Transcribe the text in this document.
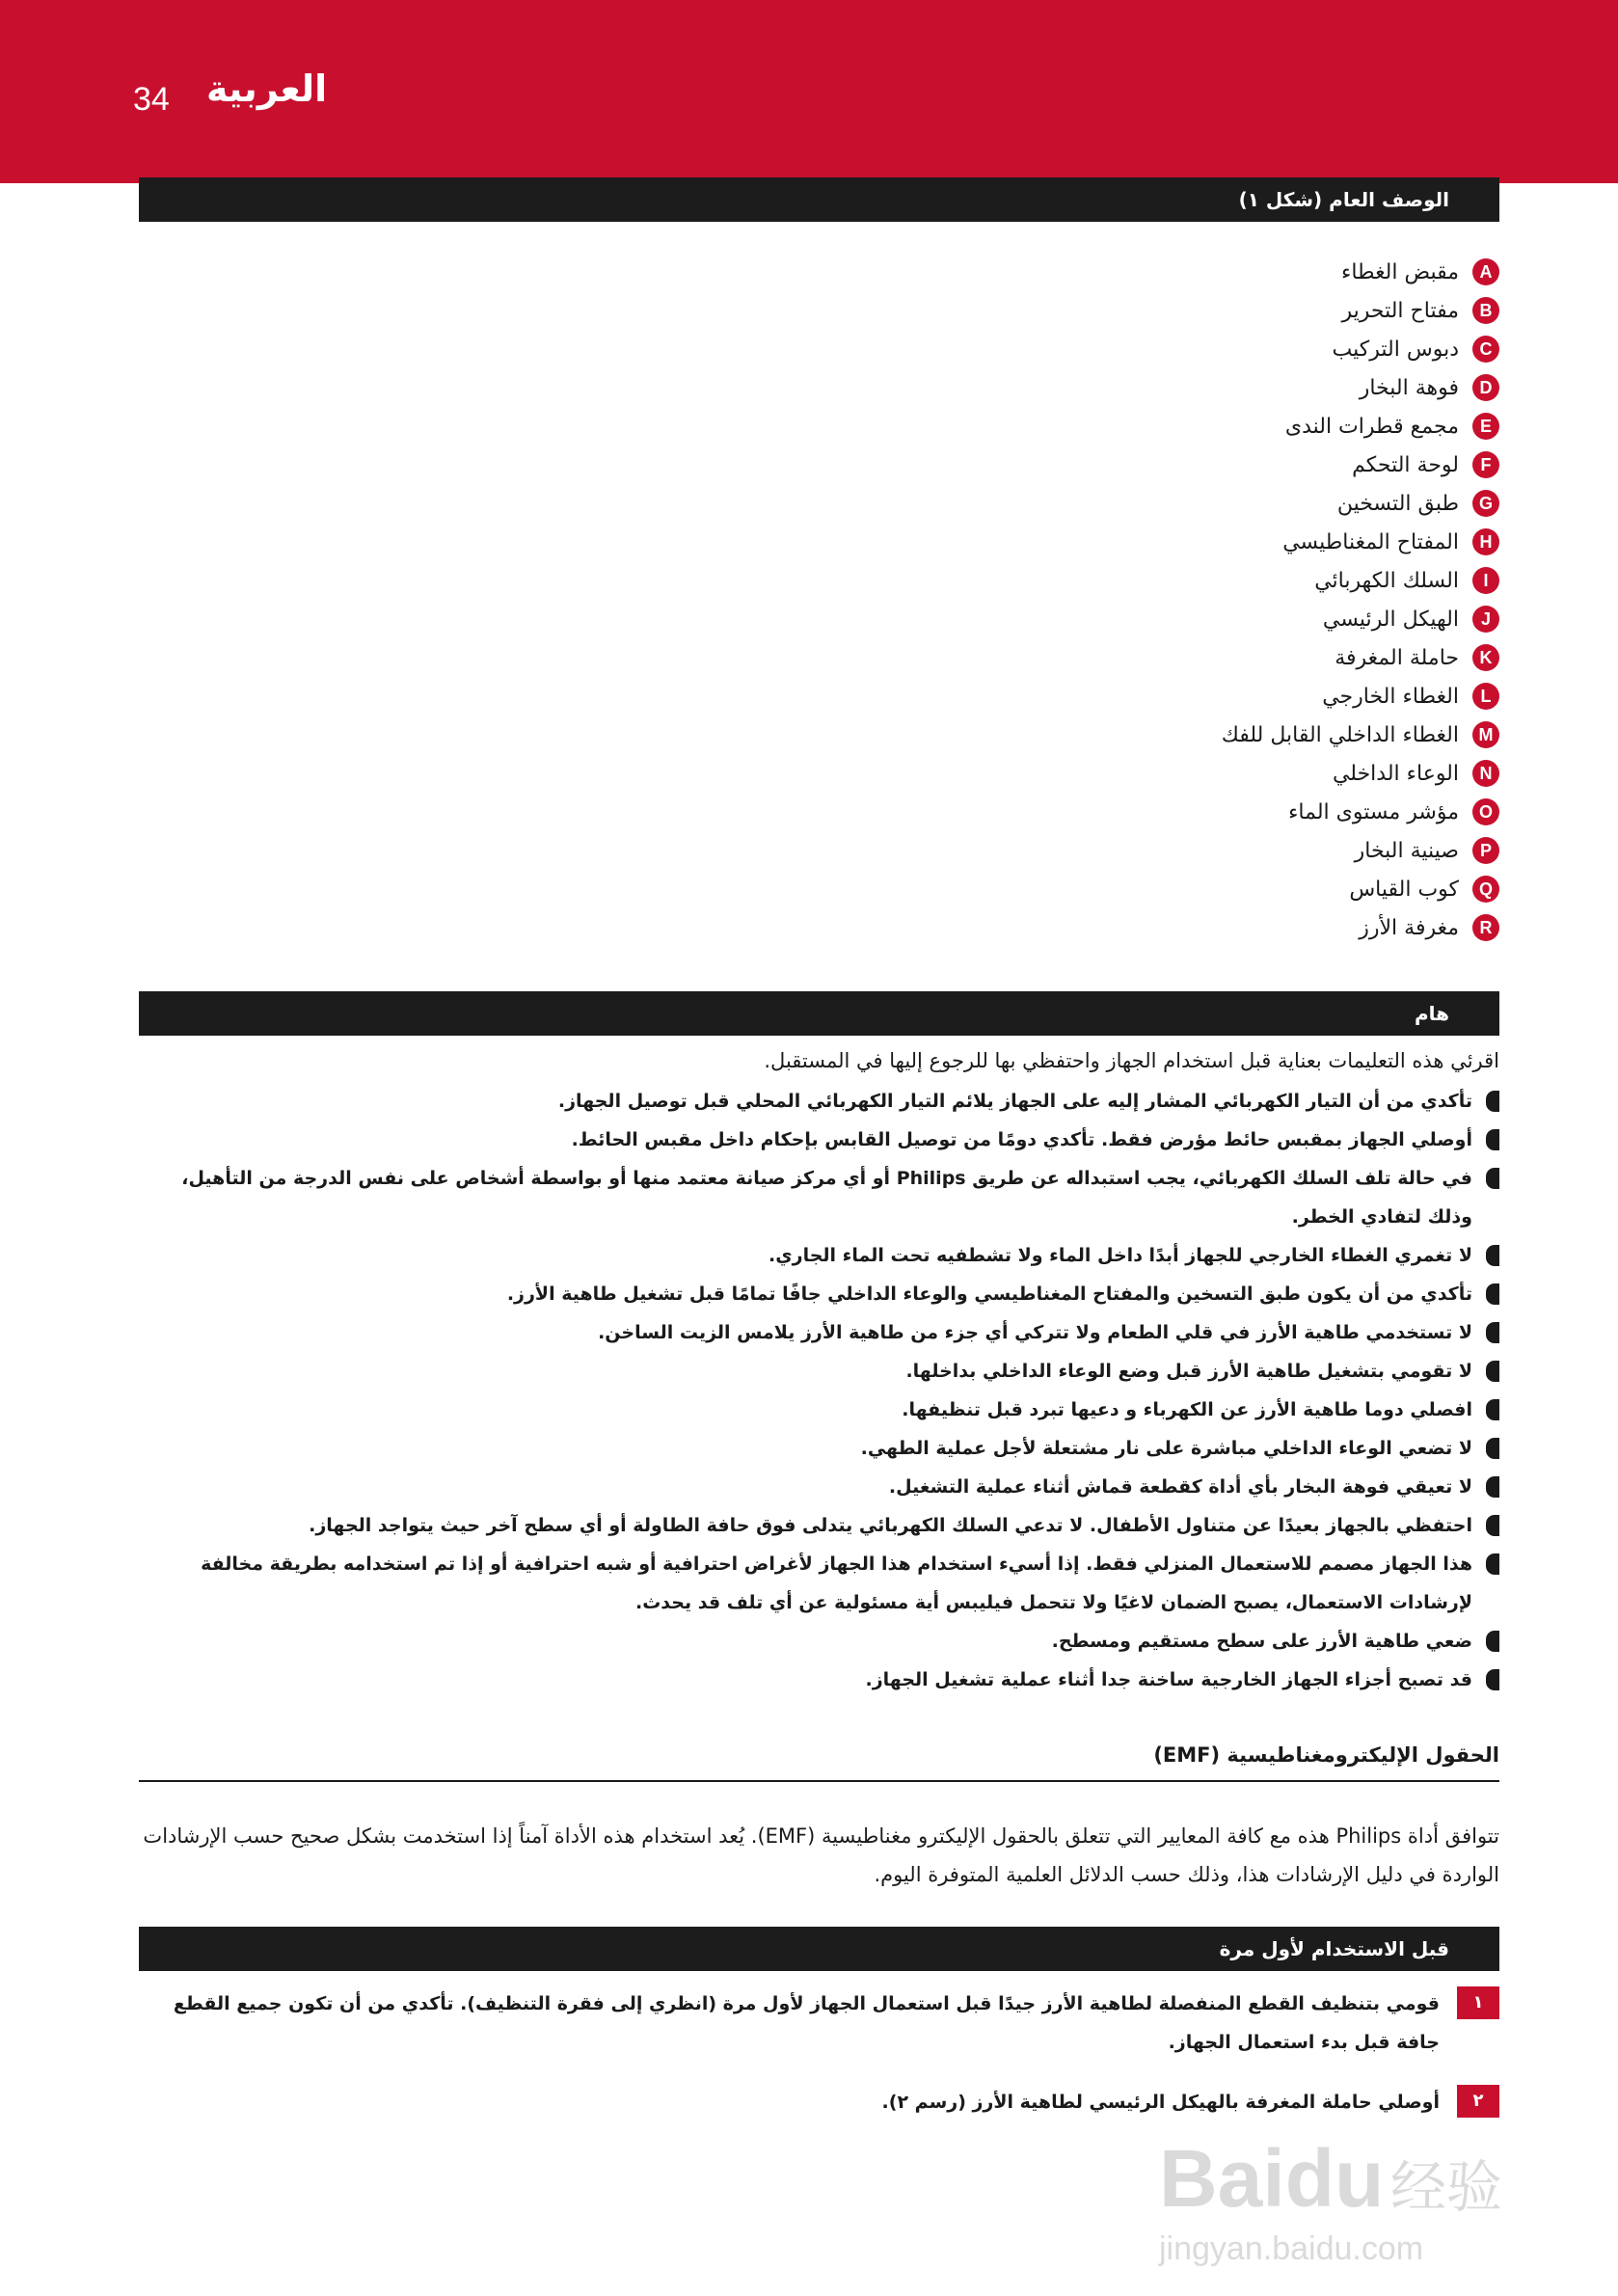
34 العربية
الوصف العام (شكل ١)
A
مقبض الغطاء
B
مفتاح التحرير
C
دبوس التركيب
D
فوهة البخار
E
مجمع قطرات الندى
F
لوحة التحكم
G
طبق التسخين
H
المفتاح المغناطيسي
I
السلك الكهربائي
J
الهيكل الرئيسي
K
حاملة المغرفة
L
الغطاء الخارجي
M
الغطاء الداخلي القابل للفك
N
الوعاء الداخلي
O
مؤشر مستوى الماء
P
صينية البخار
Q
كوب القياس
R
مغرفة الأرز
هام
اقرئي هذه التعليمات بعناية قبل استخدام الجهاز واحتفظي بها للرجوع إليها في المستقبل.
تأكدي من أن التيار الكهربائي المشار إليه على الجهاز يلائم التيار الكهربائي المحلي قبل توصيل الجهاز.
أوصلي الجهاز بمقبس حائط مؤرض فقط. تأكدي دومًا من توصيل القابس بإحكام داخل مقبس الحائط.
في حالة تلف السلك الكهربائي، يجب استبداله عن طريق Philips أو أي مركز صيانة معتمد منها أو بواسطة أشخاص على نفس الدرجة من التأهيل، وذلك لتفادي الخطر.
لا تغمري الغطاء الخارجي للجهاز أبدًا داخل الماء ولا تشطفيه تحت الماء الجاري.
تأكدي من أن يكون طبق التسخين والمفتاح المغناطيسي والوعاء الداخلي جافًا تمامًا قبل تشغيل طاهية الأرز.
لا تستخدمي طاهية الأرز في قلي الطعام ولا تتركي أي جزء من طاهية الأرز يلامس الزيت الساخن.
لا تقومي بتشغيل طاهية الأرز قبل وضع الوعاء الداخلي بداخلها.
افصلي دوما طاهية الأرز عن الكهرباء و دعيها تبرد قبل تنظيفها.
لا تضعي الوعاء الداخلي مباشرة على نار مشتعلة لأجل عملية الطهي.
لا تعيقي فوهة البخار بأي أداة كقطعة قماش أثناء عملية التشغيل.
احتفظي بالجهاز بعيدًا عن متناول الأطفال. لا تدعي السلك الكهربائي يتدلى فوق حافة الطاولة أو أي سطح آخر حيث يتواجد الجهاز.
هذا الجهاز مصمم للاستعمال المنزلي فقط. إذا أسيء استخدام هذا الجهاز لأغراض احترافية أو شبه احترافية أو إذا تم استخدامه بطريقة مخالفة لإرشادات الاستعمال، يصبح الضمان لاغيًا ولا تتحمل فيليبس أية مسئولية عن أي تلف قد يحدث.
ضعي طاهية الأرز على سطح مستقيم ومسطح.
قد تصبح أجزاء الجهاز الخارجية ساخنة جدا أثناء عملية تشغيل الجهاز.
الحقول الإليكترومغناطيسية (EMF)
تتوافق أداة Philips هذه مع كافة المعايير التي تتعلق بالحقول الإليكترو مغناطيسية (EMF). يُعد استخدام هذه الأداة آمناً إذا استخدمت بشكل صحيح حسب الإرشادات الواردة في دليل الإرشادات هذا، وذلك حسب الدلائل العلمية المتوفرة اليوم.
قبل الاستخدام لأول مرة
١
قومي بتنظيف القطع المنفصلة لطاهية الأرز جيدًا قبل استعمال الجهاز لأول مرة (انظري إلى فقرة التنظيف). تأكدي من أن تكون جميع القطع جافة قبل بدء استعمال الجهاز.
٢
أوصلي حاملة المغرفة بالهيكل الرئيسي لطاهية الأرز (رسم ٢).
Baidu 经验
jingyan.baidu.com
